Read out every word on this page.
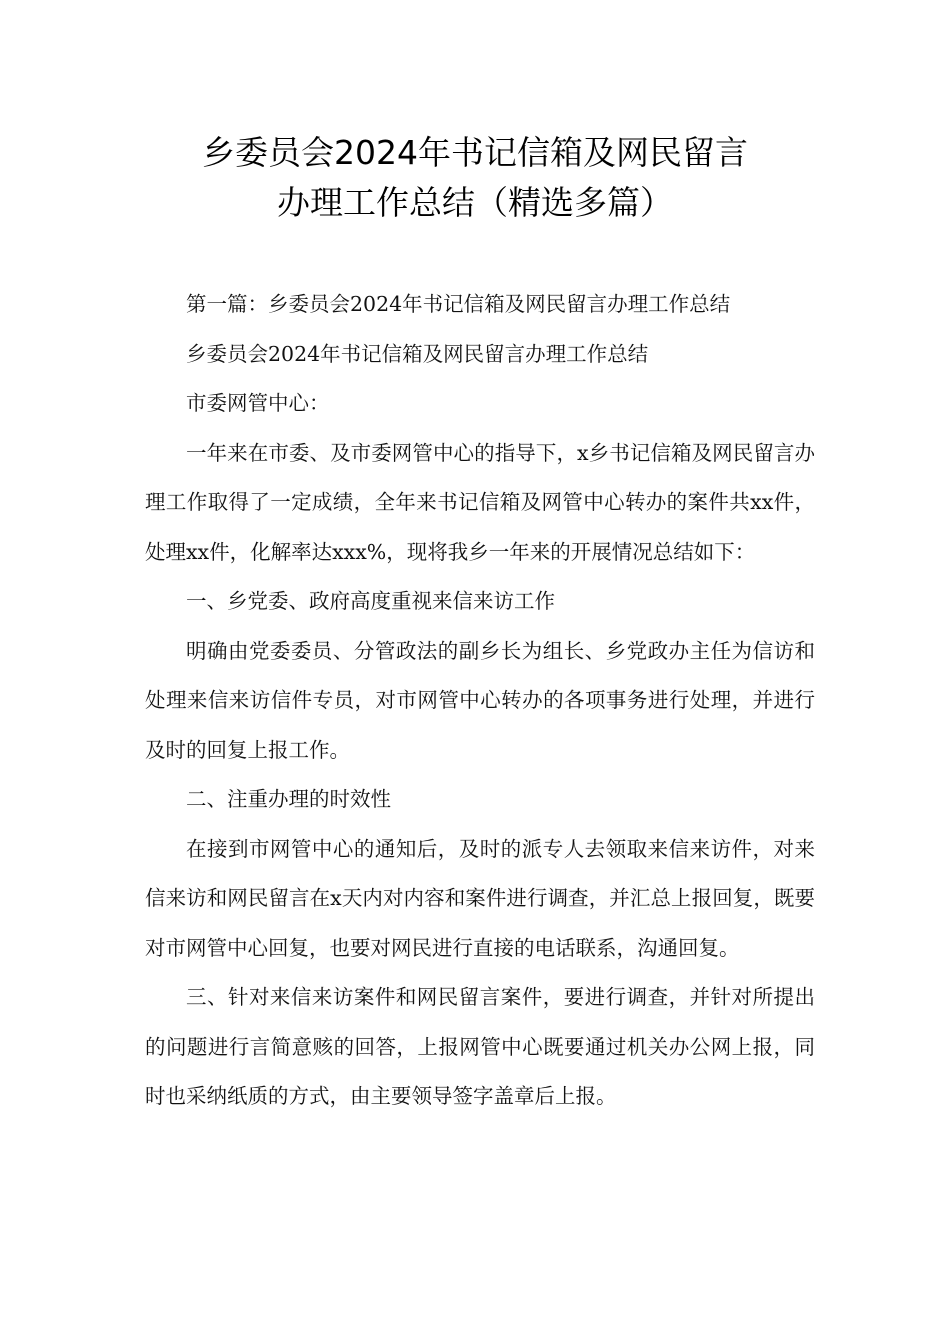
乡委员会2024年书记信箱及网民留言
办理工作总结（精选多篇）

第一篇：乡委员会2024年书记信箱及网民留言办理工作总结

乡委员会2024年书记信箱及网民留言办理工作总结

市委网管中心：

一年来在市委、及市委网管中心的指导下，x乡书记信箱及网民留言办理工作取得了一定成绩，全年来书记信箱及网管中心转办的案件共xx件，处理xx件，化解率达xxx%，现将我乡一年来的开展情况总结如下：

一、乡党委、政府高度重视来信来访工作

明确由党委委员、分管政法的副乡长为组长、乡党政办主任为信访和处理来信来访信件专员，对市网管中心转办的各项事务进行处理，并进行及时的回复上报工作。

二、注重办理的时效性

在接到市网管中心的通知后，及时的派专人去领取来信来访件，对来信来访和网民留言在x天内对内容和案件进行调查，并汇总上报回复，既要对市网管中心回复，也要对网民进行直接的电话联系，沟通回复。

三、针对来信来访案件和网民留言案件，要进行调查，并针对所提出的问题进行言简意赅的回答，上报网管中心既要通过机关办公网上报，同时也采纳纸质的方式，由主要领导签字盖章后上报。
